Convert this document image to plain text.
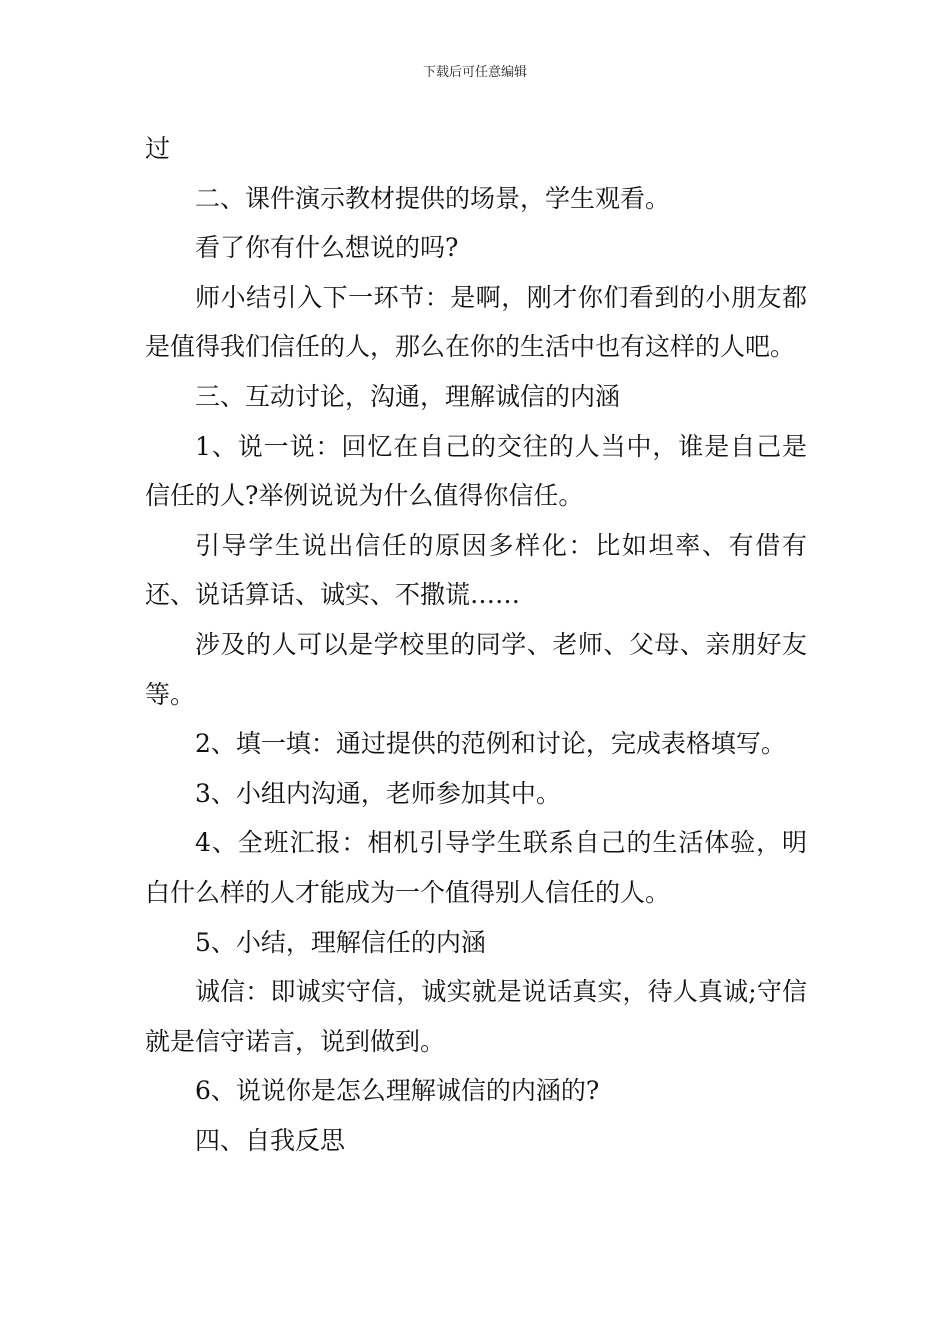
下载后可任意编辑

过

二、课件演示教材提供的场景，学生观看。

看了你有什么想说的吗?

师小结引入下一环节：是啊，刚才你们看到的小朋友都是值得我们信任的人，那么在你的生活中也有这样的人吧。

三、互动讨论，沟通，理解诚信的内涵

1、说一说：回忆在自己的交往的人当中，谁是自己是信任的人?举例说说为什么值得你信任。

引导学生说出信任的原因多样化：比如坦率、有借有还、说话算话、诚实、不撒谎……

涉及的人可以是学校里的同学、老师、父母、亲朋好友等。

2、填一填：通过提供的范例和讨论，完成表格填写。

3、小组内沟通，老师参加其中。

4、全班汇报：相机引导学生联系自己的生活体验，明白什么样的人才能成为一个值得别人信任的人。

5、小结，理解信任的内涵

诚信：即诚实守信，诚实就是说话真实，待人真诚;守信就是信守诺言，说到做到。

6、说说你是怎么理解诚信的内涵的?

四、自我反思
